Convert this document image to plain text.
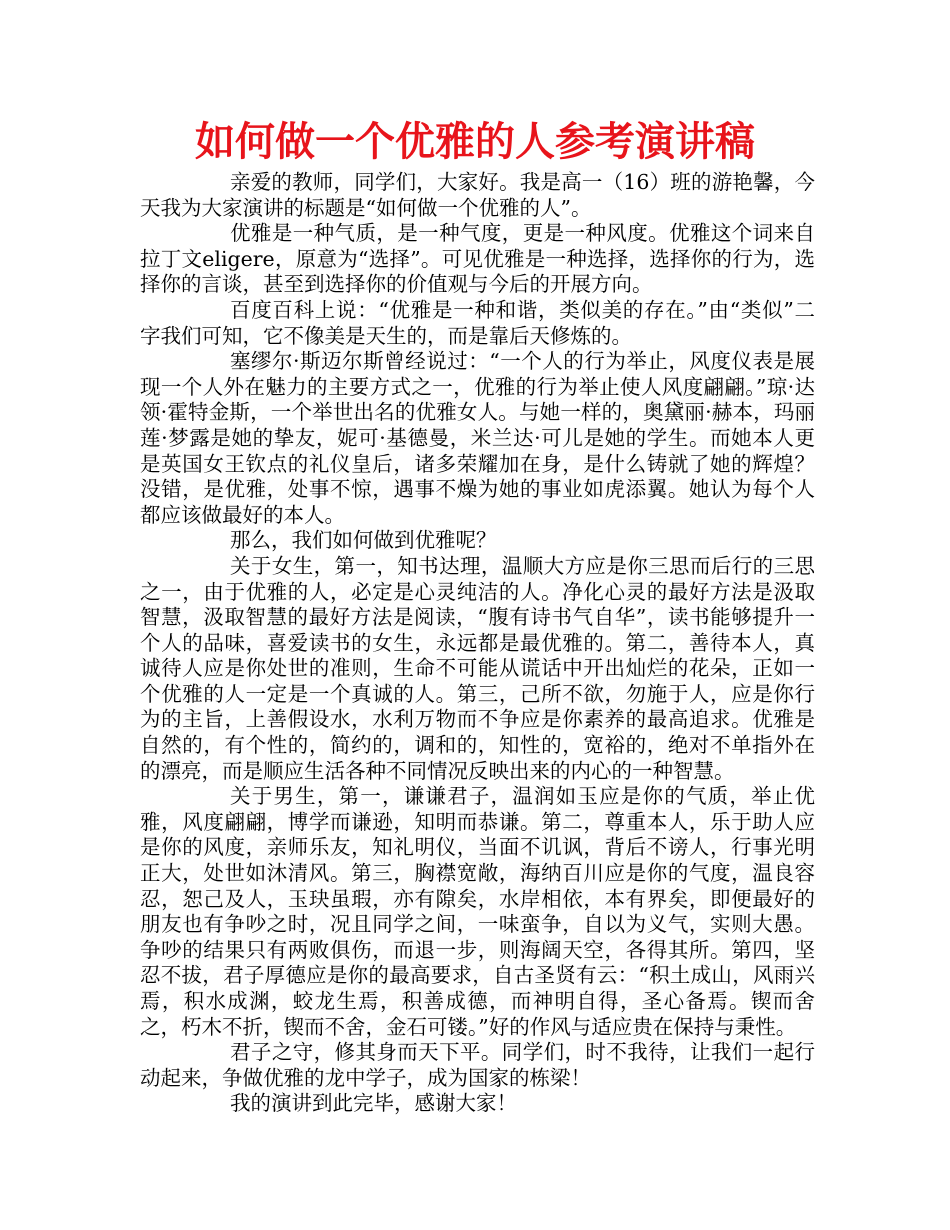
如何做一个优雅的人参考演讲稿

亲爱的教师，同学们，大家好。我是高一（16）班的游艳馨，今天我为大家演讲的标题是“如何做一个优雅的人”。

优雅是一种气质，是一种气度，更是一种风度。优雅这个词来自拉丁文eligere，原意为“选择”。可见优雅是一种选择，选择你的行为，选择你的言谈，甚至到选择你的价值观与今后的开展方向。

百度百科上说：“优雅是一种和谐，类似美的存在。”由“类似”二字我们可知，它不像美是天生的，而是靠后天修炼的。

塞缪尔·斯迈尔斯曾经说过：“一个人的行为举止，风度仪表是展现一个人外在魅力的主要方式之一，优雅的行为举止使人风度翩翩。”琼·达领·霍特金斯，一个举世出名的优雅女人。与她一样的，奥黛丽·赫本，玛丽莲·梦露是她的挚友，妮可·基德曼，米兰达·可儿是她的学生。而她本人更是英国女王钦点的礼仪皇后，诸多荣耀加在身，是什么铸就了她的辉煌？没错，是优雅，处事不惊，遇事不燥为她的事业如虎添翼。她认为每个人都应该做最好的本人。

那么，我们如何做到优雅呢？

关于女生，第一，知书达理，温顺大方应是你三思而后行的三思之一，由于优雅的人，必定是心灵纯洁的人。净化心灵的最好方法是汲取智慧，汲取智慧的最好方法是阅读，“腹有诗书气自华”，读书能够提升一个人的品味，喜爱读书的女生，永远都是最优雅的。第二，善待本人，真诚待人应是你处世的准则，生命不可能从谎话中开出灿烂的花朵，正如一个优雅的人一定是一个真诚的人。第三，己所不欲，勿施于人，应是你行为的主旨，上善假设水，水利万物而不争应是你素养的最高追求。优雅是自然的，有个性的，简约的，调和的，知性的，宽裕的，绝对不单指外在的漂亮，而是顺应生活各种不同情况反映出来的内心的一种智慧。

关于男生，第一，谦谦君子，温润如玉应是你的气质，举止优雅，风度翩翩，博学而谦逊，知明而恭谦。第二，尊重本人，乐于助人应是你的风度，亲师乐友，知礼明仪，当面不讥讽，背后不谤人，行事光明正大，处世如沐清风。第三，胸襟宽敞，海纳百川应是你的气度，温良容忍，恕己及人，玉玦虽瑕，亦有隙矣，水岸相依，本有界矣，即便最好的朋友也有争吵之时，况且同学之间，一味蛮争，自以为义气，实则大愚。争吵的结果只有两败俱伤，而退一步，则海阔天空，各得其所。第四，坚忍不拔，君子厚德应是你的最高要求，自古圣贤有云：“积土成山，风雨兴焉，积水成渊，蛟龙生焉，积善成德，而神明自得，圣心备焉。锲而舍之，朽木不折，锲而不舍，金石可镂。”好的作风与适应贵在保持与秉性。

君子之守，修其身而天下平。同学们，时不我待，让我们一起行动起来，争做优雅的龙中学子，成为国家的栋梁！

我的演讲到此完毕，感谢大家！
